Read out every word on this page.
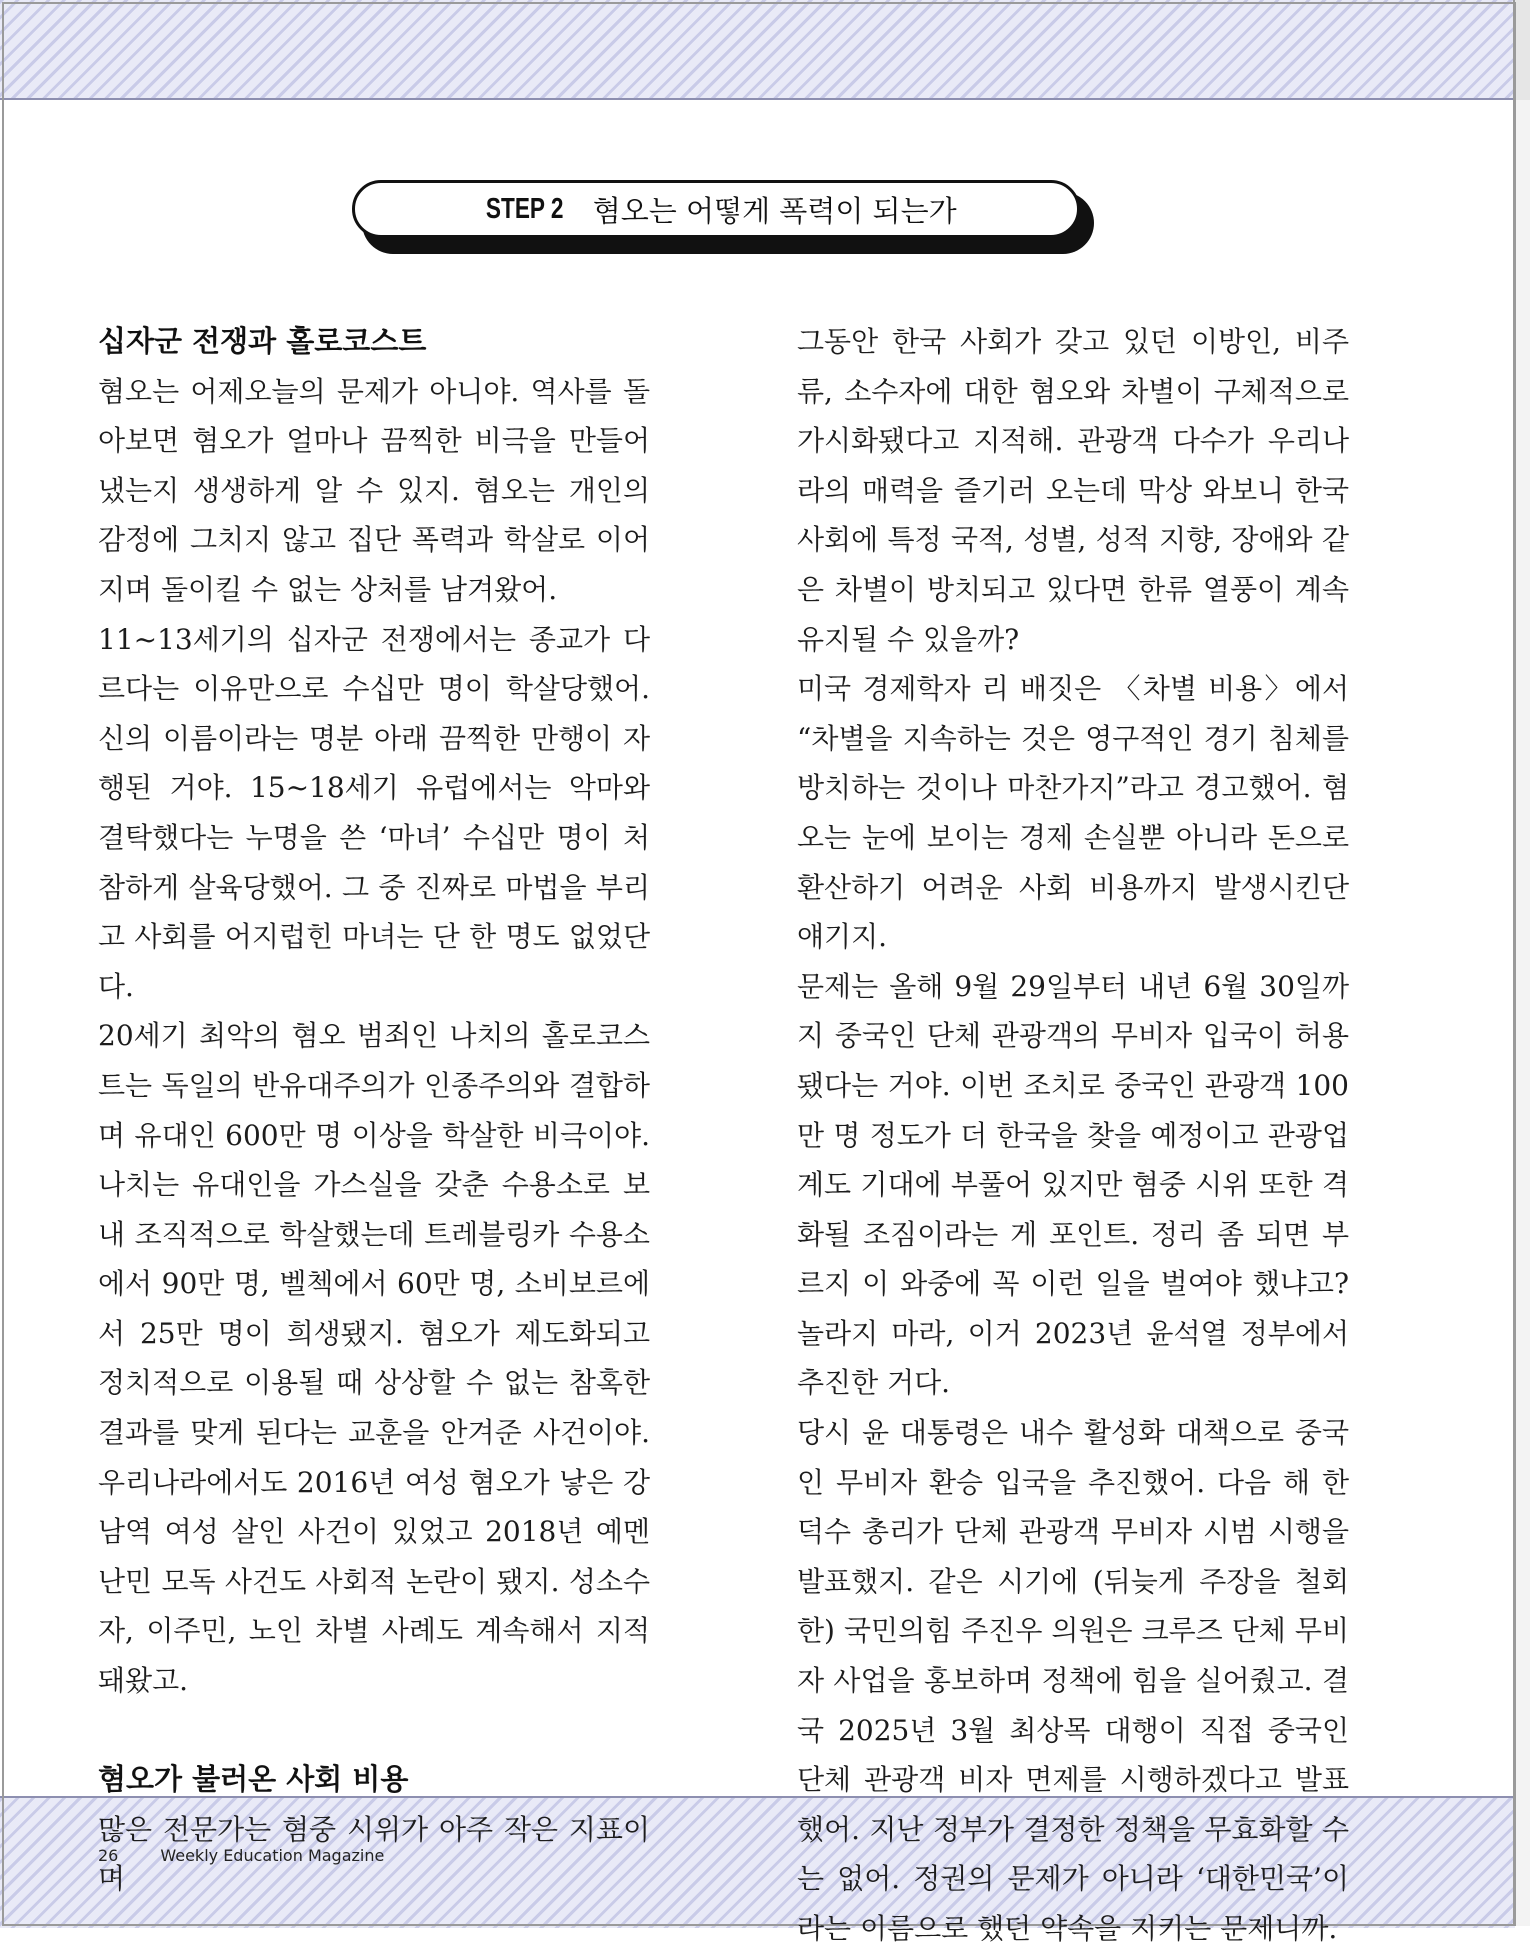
STEP 2 혐오는 어떻게 폭력이 되는가
십자군 전쟁과 홀로코스트

혐오는 어제오늘의 문제가 아니야. 역사를 돌아보면 혐오가 얼마나 끔찍한 비극을 만들어냈는지 생생하게 알 수 있지. 혐오는 개인의 감정에 그치지 않고 집단 폭력과 학살로 이어지며 돌이킬 수 없는 상처를 남겨왔어.

11~13세기의 십자군 전쟁에서는 종교가 다르다는 이유만으로 수십만 명이 학살당했어. 신의 이름이라는 명분 아래 끔찍한 만행이 자행된 거야. 15~18세기 유럽에서는 악마와 결탁했다는 누명을 쓴 ‘마녀’ 수십만 명이 처참하게 살육당했어. 그 중 진짜로 마법을 부리고 사회를 어지럽힌 마녀는 단 한 명도 없었단다.

20세기 최악의 혐오 범죄인 나치의 홀로코스트는 독일의 반유대주의가 인종주의와 결합하며 유대인 600만 명 이상을 학살한 비극이야. 나치는 유대인을 가스실을 갖춘 수용소로 보내 조직적으로 학살했는데 트레블링카 수용소에서 90만 명, 벨첵에서 60만 명, 소비보르에서 25만 명이 희생됐지. 혐오가 제도화되고 정치적으로 이용될 때 상상할 수 없는 참혹한 결과를 맞게 된다는 교훈을 안겨준 사건이야. 우리나라에서도 2016년 여성 혐오가 낳은 강남역 여성 살인 사건이 있었고 2018년 예멘 난민 모독 사건도 사회적 논란이 됐지. 성소수자, 이주민, 노인 차별 사례도 계속해서 지적돼왔고.

혐오가 불러온 사회 비용

많은 전문가는 혐중 시위가 아주 작은 지표이며

그동안 한국 사회가 갖고 있던 이방인, 비주류, 소수자에 대한 혐오와 차별이 구체적으로 가시화됐다고 지적해. 관광객 다수가 우리나라의 매력을 즐기러 오는데 막상 와보니 한국 사회에 특정 국적, 성별, 성적 지향, 장애와 같은 차별이 방치되고 있다면 한류 열풍이 계속 유지될 수 있을까?

미국 경제학자 리 배짓은 〈차별 비용〉에서 “차별을 지속하는 것은 영구적인 경기 침체를 방치하는 것이나 마찬가지”라고 경고했어. 혐오는 눈에 보이는 경제 손실뿐 아니라 돈으로 환산하기 어려운 사회 비용까지 발생시킨단 얘기지.

문제는 올해 9월 29일부터 내년 6월 30일까지 중국인 단체 관광객의 무비자 입국이 허용됐다는 거야. 이번 조치로 중국인 관광객 100만 명 정도가 더 한국을 찾을 예정이고 관광업계도 기대에 부풀어 있지만 혐중 시위 또한 격화될 조짐이라는 게 포인트. 정리 좀 되면 부르지 이 와중에 꼭 이런 일을 벌여야 했냐고? 놀라지 마라, 이거 2023년 윤석열 정부에서 추진한 거다.

당시 윤 대통령은 내수 활성화 대책으로 중국인 무비자 환승 입국을 추진했어. 다음 해 한덕수 총리가 단체 관광객 무비자 시범 시행을 발표했지. 같은 시기에 (뒤늦게 주장을 철회한) 국민의힘 주진우 의원은 크루즈 단체 무비자 사업을 홍보하며 정책에 힘을 실어줬고. 결국 2025년 3월 최상목 대행이 직접 중국인 단체 관광객 비자 면제를 시행하겠다고 발표했어. 지난 정부가 결정한 정책을 무효화할 수는 없어. 정권의 문제가 아니라 ‘대한민국’이라는 이름으로 했던 약속을 지키는 문제니까.

26	Weekly Education Magazine
